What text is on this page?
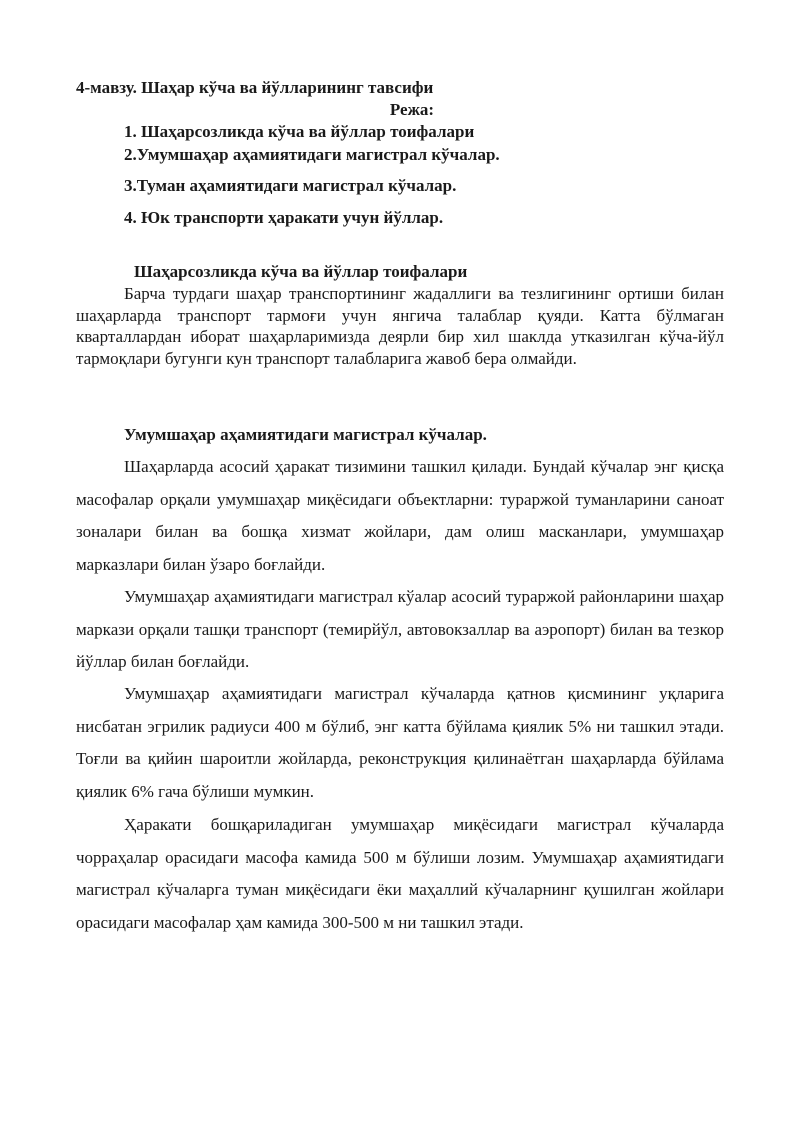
4-мавзу. Шаҳар кўча ва йўлларининг тавсифи
Режа:
1. Шаҳарсозликда кўча ва йўллар тоифалари
2.Умумшаҳар аҳамиятидаги магистрал кўчалар.
3.Туман аҳамиятидаги магистрал кўчалар.
4. Юк транспорти ҳаракати учун йўллар.
Шаҳарсозликда кўча ва йўллар тоифалари

Барча турдаги шаҳар транспортининг жадаллиги ва тезлигининг ортиши билан шаҳарларда транспорт тармоғи учун янгича талаблар қуяди. Катта бўлмаган кварталлардан иборат шаҳарларимизда деярли бир хил шаклда утказилган кўча-йўл тармоқлари бугунги кун транспорт талабларига жавоб бера олмайди.

Умумшаҳар аҳамиятидаги магистрал кўчалар.

Шаҳарларда асосий ҳаракат тизимини ташкил қилади. Бундай кўчалар энг қисқа масофалар орқали умумшаҳар миқёсидаги объектларни: тураржой туманларини саноат зоналари билан ва бошқа хизмат жойлари, дам олиш масканлари, умумшаҳар марказлари билан ўзаро боғлайди.

Умумшаҳар аҳамиятидаги магистрал кўалар асосий тураржой районларини шаҳар маркази орқали ташқи транспорт (темирйўл, автовокзаллар ва аэропорт) билан ва тезкор йўллар билан боғлайди.

Умумшаҳар аҳамиятидаги магистрал кўчаларда қатнов қисмининг уқларига нисбатан эгрилик радиуси 400 м бўлиб, энг катта бўйлама қиялик 5% ни ташкил этади. Тоғли ва қийин шароитли жойларда, реконструкция қилинаётган шаҳарларда бўйлама қиялик 6% гача бўлиши мумкин.

Ҳаракати бошқариладиган умумшаҳар миқёсидаги магистрал кўчаларда чорраҳалар орасидаги масофа камида 500 м бўлиши лозим. Умумшаҳар аҳамиятидаги магистрал кўчаларга туман миқёсидаги ёки маҳаллий кўчаларнинг қушилган жойлари орасидаги масофалар ҳам камида 300-500 м ни ташкил этади.
